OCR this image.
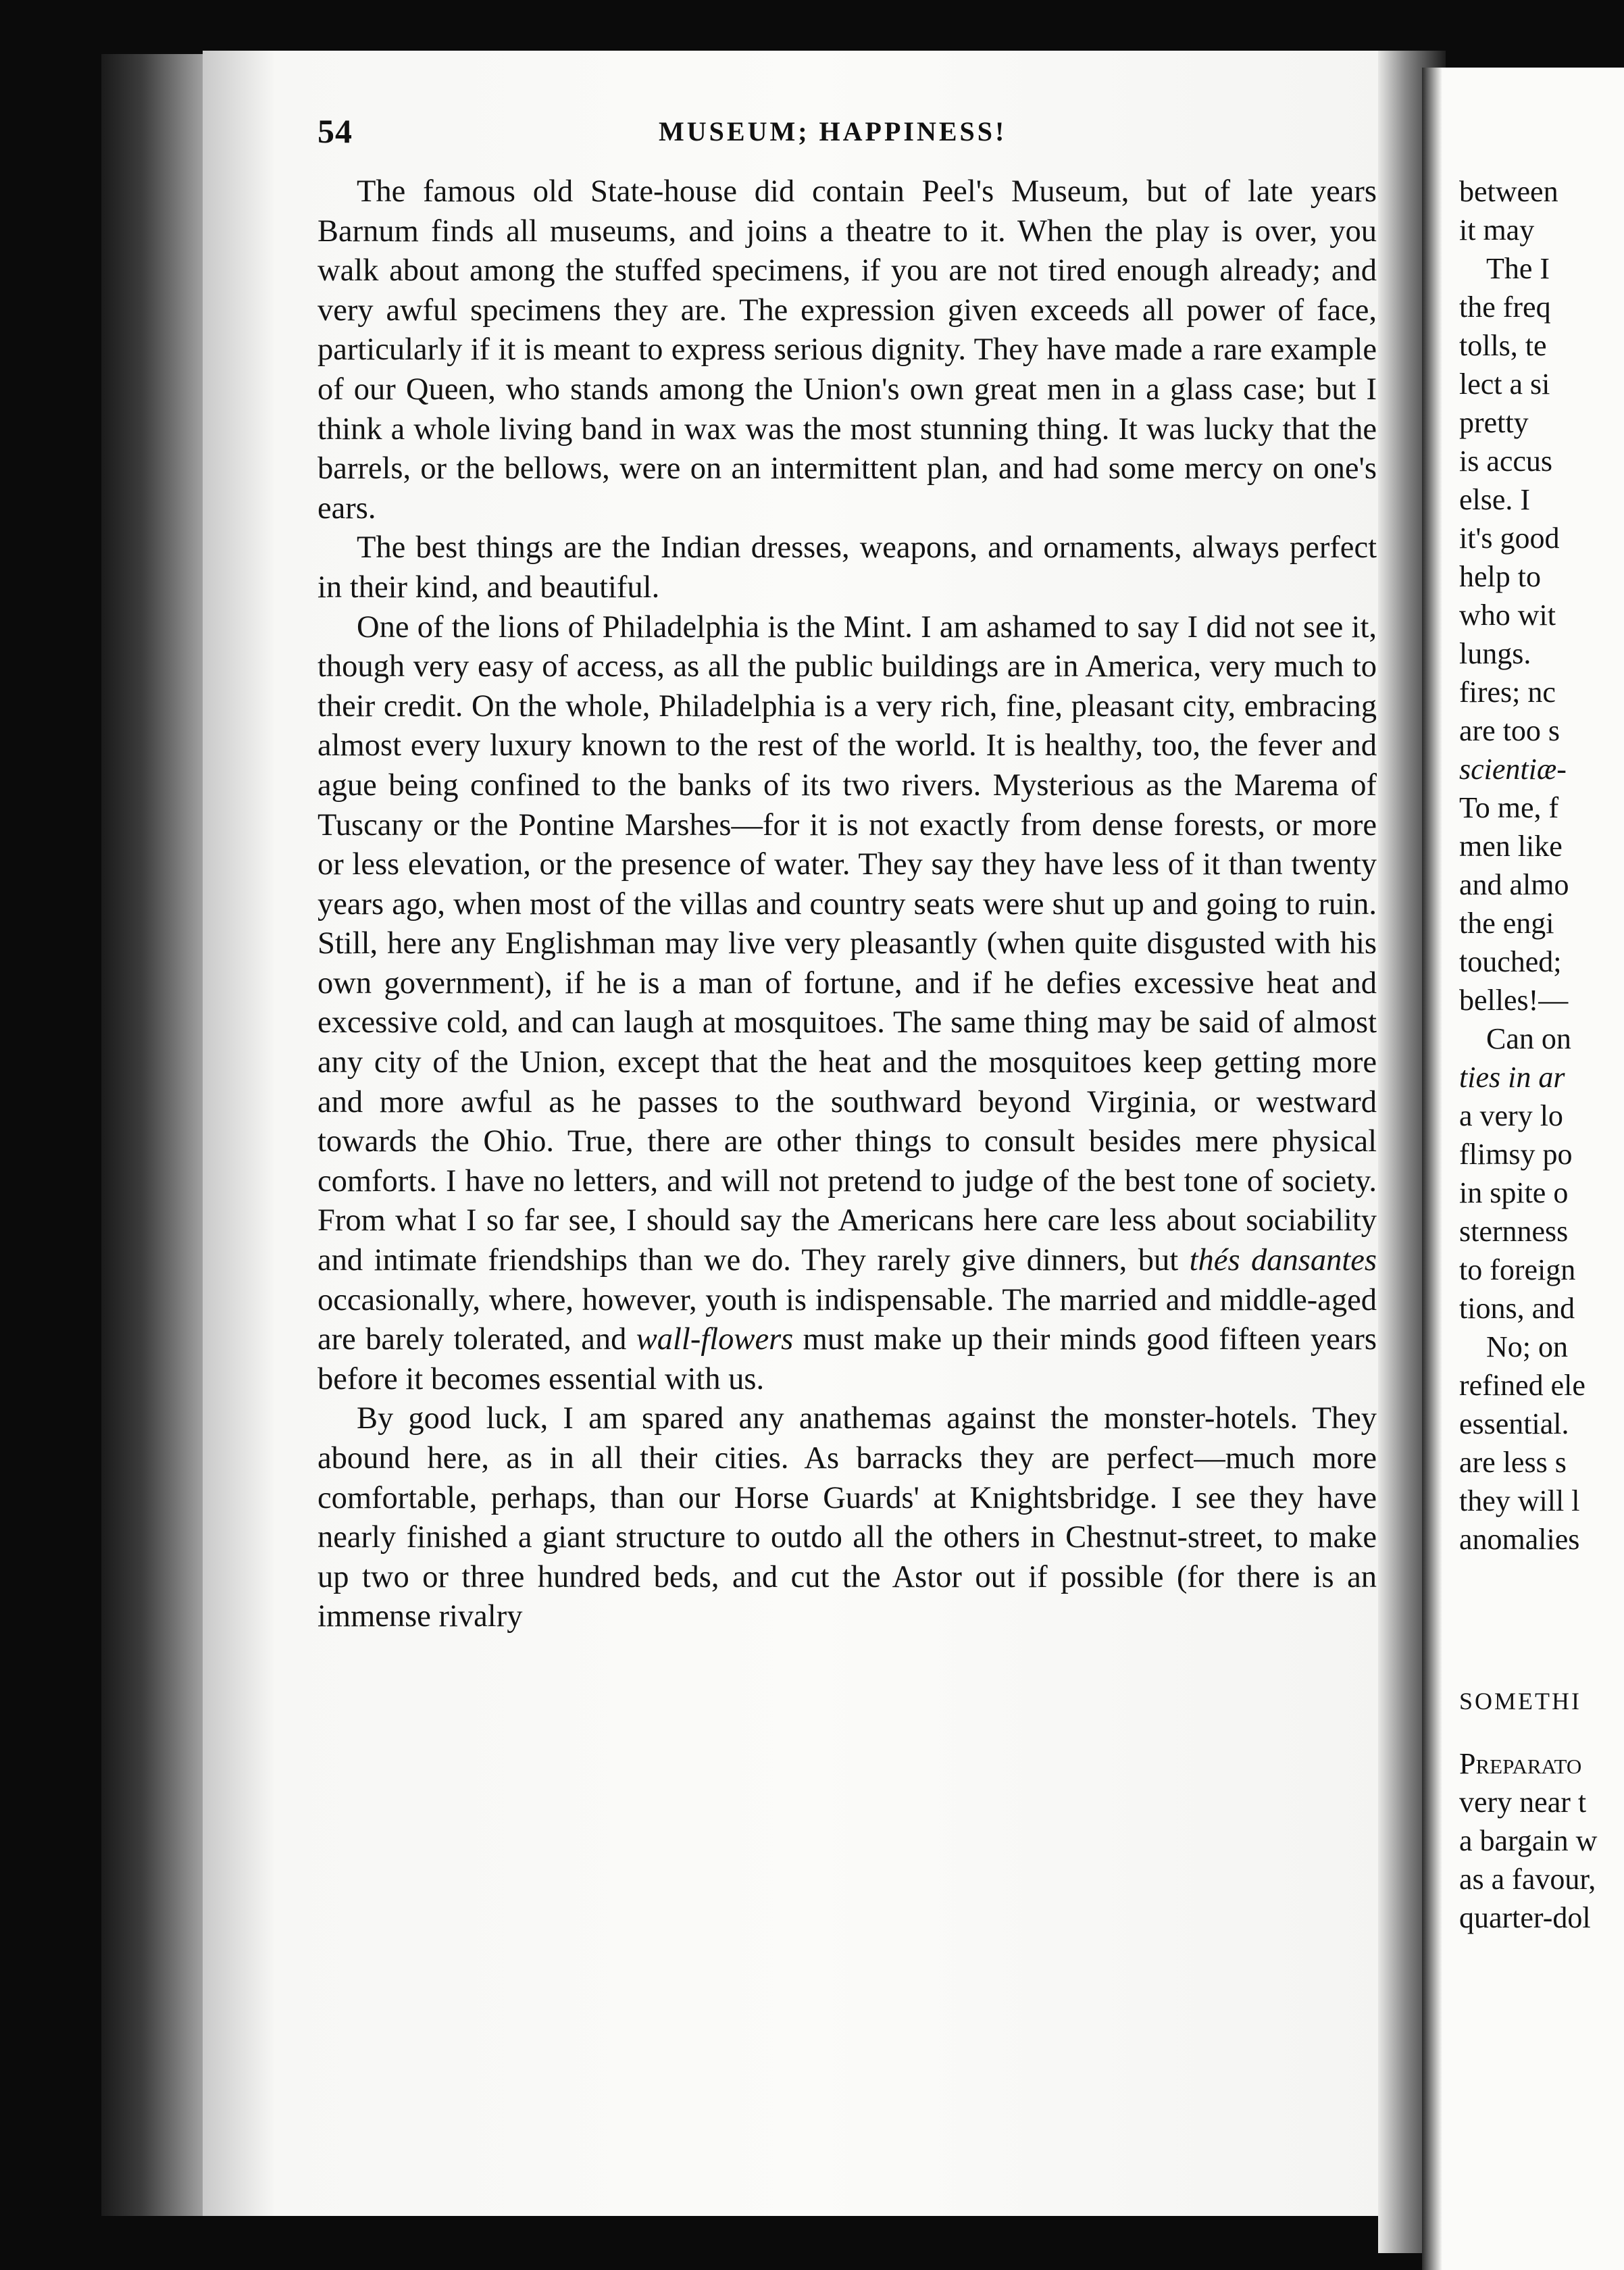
54	MUSEUM; HAPPINESS!

The famous old State-house did contain Peel's Museum, but of late years Barnum finds all museums, and joins a theatre to it. When the play is over, you walk about among the stuffed specimens, if you are not tired enough already; and very awful specimens they are. The expression given exceeds all power of face, particularly if it is meant to express serious dignity. They have made a rare example of our Queen, who stands among the Union's own great men in a glass case; but I think a whole living band in wax was the most stunning thing. It was lucky that the barrels, or the bellows, were on an intermittent plan, and had some mercy on one's ears.

The best things are the Indian dresses, weapons, and ornaments, always perfect in their kind, and beautiful.

One of the lions of Philadelphia is the Mint. I am ashamed to say I did not see it, though very easy of access, as all the public buildings are in America, very much to their credit. On the whole, Philadelphia is a very rich, fine, pleasant city, embracing almost every luxury known to the rest of the world. It is healthy, too, the fever and ague being confined to the banks of its two rivers. Mysterious as the Marema of Tuscany or the Pontine Marshes—for it is not exactly from dense forests, or more or less elevation, or the presence of water. They say they have less of it than twenty years ago, when most of the villas and country seats were shut up and going to ruin. Still, here any Englishman may live very pleasantly (when quite disgusted with his own government), if he is a man of fortune, and if he defies excessive heat and excessive cold, and can laugh at mosquitoes. The same thing may be said of almost any city of the Union, except that the heat and the mosquitoes keep getting more and more awful as he passes to the southward beyond Virginia, or westward towards the Ohio. True, there are other things to consult besides mere physical comforts. I have no letters, and will not pretend to judge of the best tone of society. From what I so far see, I should say the Americans here care less about sociability and intimate friendships than we do. They rarely give dinners, but thés dansantes occasionally, where, however, youth is indispensable. The married and middle-aged are barely tolerated, and wall-flowers must make up their minds good fifteen years before it becomes essential with us.

By good luck, I am spared any anathemas against the monster-hotels. They abound here, as in all their cities. As barracks they are perfect—much more comfortable, perhaps, than our Horse Guards' at Knightsbridge. I see they have nearly finished a giant structure to outdo all the others in Chestnut-street, to make up two or three hundred beds, and cut the Astor out if possible (for there is an immense rivalry

between
it may
The I
the freq
tolls, te
lect a si
pretty
is accus
else. I
it's good
help to
who wit
lungs.
fires; nc
are too s
scientiæ-
To me, f
men like
and almo
the engi
touched;
belles!—
Can on
ties in ar
a very lo
flimsy po
in spite o
sternness
to foreign
tions, and
No; on
refined ele
essential.
are less s
they will l
anomalies
SOMETHI
Preparato
very near t
a bargain w
as a favour,
quarter-dol
